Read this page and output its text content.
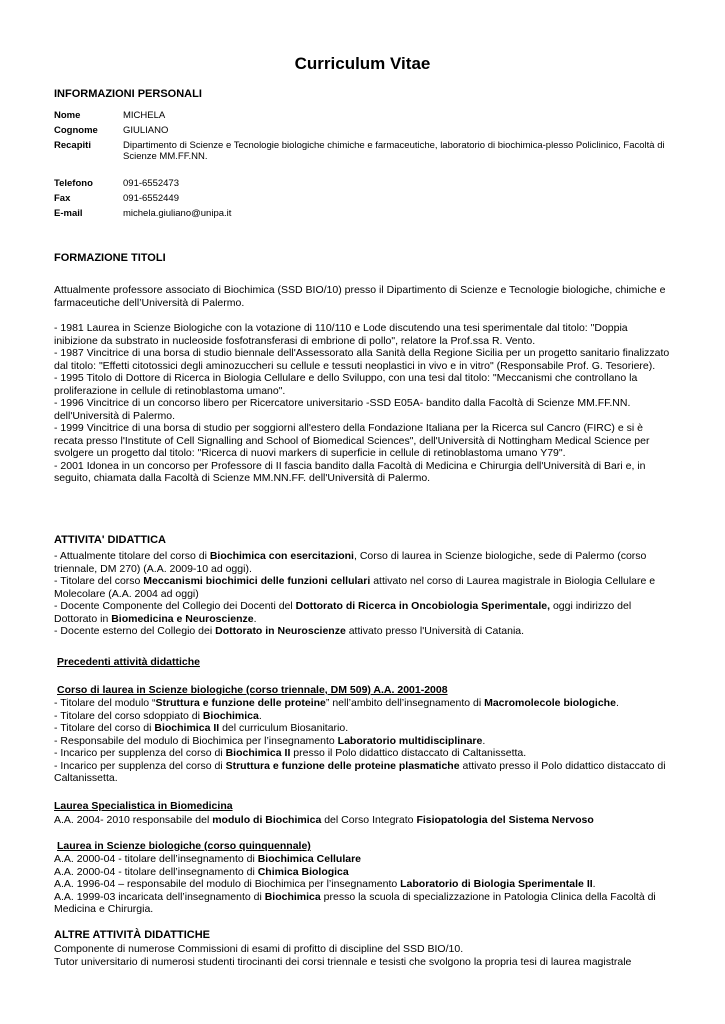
Curriculum Vitae
INFORMAZIONI PERSONALI
Nome	MICHELA
Cognome	GIULIANO
Recapiti	Dipartimento di Scienze e Tecnologie biologiche chimiche e farmaceutiche, laboratorio di biochimica-plesso Policlinico, Facoltà di Scienze MM.FF.NN.
Telefono	091-6552473
Fax	091-6552449
E-mail	michela.giuliano@unipa.it
FORMAZIONE TITOLI
Attualmente professore associato di Biochimica (SSD BIO/10) presso il Dipartimento di Scienze e Tecnologie biologiche, chimiche e farmaceutiche dell’Università di Palermo.
- 1981 Laurea in Scienze Biologiche con la votazione di 110/110 e Lode discutendo una tesi sperimentale dal titolo: "Doppia inibizione da substrato in nucleoside fosfotransferasi di embrione di pollo", relatore la Prof.ssa R. Vento.
- 1987 Vincitrice di una borsa di studio biennale dell'Assessorato alla Sanità della Regione Sicilia per un progetto sanitario finalizzato dal titolo: "Effetti citotossici degli aminozuccheri su cellule e tessuti neoplastici in vivo e in vitro" (Responsabile Prof. G. Tesoriere).
- 1995 Titolo di Dottore di Ricerca in Biologia Cellulare e dello Sviluppo, con una tesi dal titolo: "Meccanismi che controllano la proliferazione in cellule di retinoblastoma umano".
- 1996 Vincitrice di un concorso libero per Ricercatore universitario -SSD E05A- bandito dalla Facoltà di Scienze MM.FF.NN. dell'Università di Palermo.
- 1999 Vincitrice di una borsa di studio per soggiorni all'estero della Fondazione Italiana per la Ricerca sul Cancro (FIRC) e si è recata presso l'Institute of Cell Signalling and School of Biomedical Sciences", dell'Università di Nottingham Medical Science per svolgere un progetto dal titolo: "Ricerca di nuovi markers di superficie in cellule di retinoblastoma umano Y79".
- 2001 Idonea in un concorso per Professore di II fascia bandito dalla Facoltà di Medicina e Chirurgia dell'Università di Bari e, in seguito, chiamata dalla Facoltà di Scienze MM.NN.FF. dell'Università di Palermo.
ATTIVITA' DIDATTICA
- Attualmente titolare del corso di Biochimica con esercitazioni, Corso di laurea in Scienze biologiche, sede di Palermo (corso triennale, DM 270) (A.A. 2009-10 ad oggi).
- Titolare del corso Meccanismi biochimici delle funzioni cellulari attivato nel corso di Laurea magistrale in Biologia Cellulare e Molecolare (A.A. 2004 ad oggi)
- Docente Componente del Collegio dei Docenti del Dottorato di Ricerca in Oncobiologia Sperimentale, oggi indirizzo del Dottorato in Biomedicina e Neuroscienze.
- Docente esterno del Collegio dei Dottorato in Neuroscienze attivato presso l'Università di Catania.
Precedenti attività didattiche
Corso di laurea in Scienze biologiche (corso triennale, DM 509) A.A. 2001-2008
- Titolare del modulo “Struttura e funzione delle proteine” nell’ambito dell’insegnamento di Macromolecole biologiche.
- Titolare del corso sdoppiato di Biochimica.
- Titolare del corso di Biochimica II del curriculum Biosanitario.
- Responsabile del modulo di Biochimica per l’insegnamento Laboratorio multidisciplinare.
- Incarico per supplenza del corso di Biochimica II presso il Polo didattico distaccato di Caltanissetta.
- Incarico per supplenza del corso di Struttura e funzione delle proteine plasmatiche attivato presso il Polo didattico distaccato di Caltanissetta.
Laurea Specialistica in Biomedicina
A.A. 2004- 2010 responsabile del modulo di Biochimica del Corso Integrato Fisiopatologia del Sistema Nervoso
Laurea in Scienze biologiche (corso quinquennale)
A.A. 2000-04 - titolare dell’insegnamento di Biochimica Cellulare
A.A. 2000-04 - titolare dell’insegnamento di Chimica Biologica
A.A. 1996-04 – responsabile del modulo di Biochimica per l’insegnamento Laboratorio di Biologia Sperimentale II.
A.A. 1999-03 incaricata dell’insegnamento di Biochimica presso la scuola di specializzazione in Patologia Clinica della Facoltà di Medicina e Chirurgia.
ALTRE ATTIVITÀ DIDATTICHE
Componente di numerose Commissioni di esami di profitto di discipline del SSD BIO/10.
Tutor universitario di numerosi studenti tirocinanti dei corsi triennale e tesisti che svolgono la propria tesi di laurea magistrale
